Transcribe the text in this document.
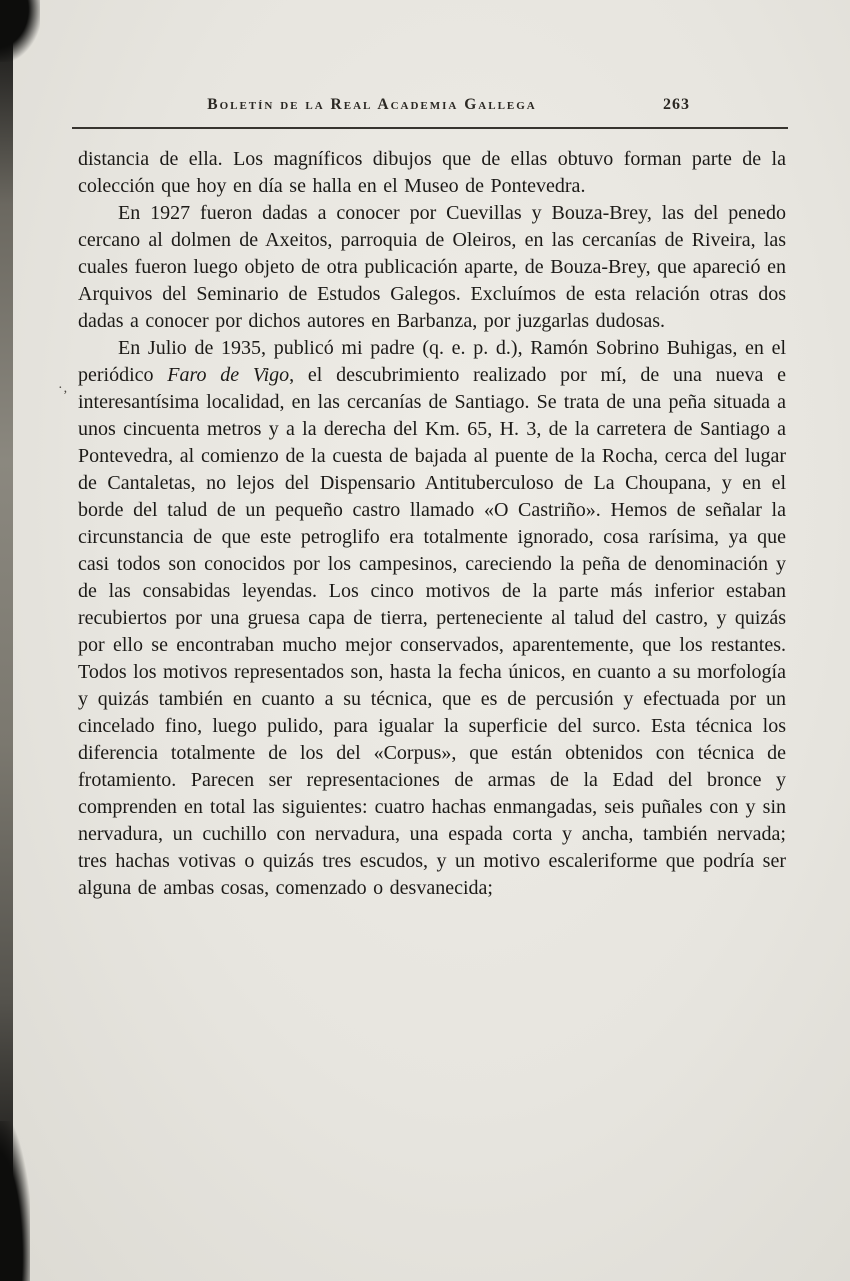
Boletín de la Real Academia Gallega	263
·,

distancia de ella. Los magníficos dibujos que de ellas obtuvo forman parte de la colección que hoy en día se halla en el Museo de Pontevedra.

En 1927 fueron dadas a conocer por Cuevillas y Bouza-Brey, las del penedo cercano al dolmen de Axeitos, parroquia de Oleiros, en las cercanías de Riveira, las cuales fueron luego objeto de otra publicación aparte, de Bouza-Brey, que apareció en Arquivos del Seminario de Estudos Galegos. Excluímos de esta relación otras dos dadas a conocer por dichos autores en Barbanza, por juzgarlas dudosas.

En Julio de 1935, publicó mi padre (q. e. p. d.), Ramón Sobrino Buhigas, en el periódico Faro de Vigo, el descubrimiento realizado por mí, de una nueva e interesantísima localidad, en las cercanías de Santiago. Se trata de una peña situada a unos cincuenta metros y a la derecha del Km. 65, H. 3, de la carretera de Santiago a Pontevedra, al comienzo de la cuesta de bajada al puente de la Rocha, cerca del lugar de Cantaletas, no lejos del Dispensario Antituberculoso de La Choupana, y en el borde del talud de un pequeño castro llamado «O Castriño». Hemos de señalar la circunstancia de que este petroglifo era totalmente ignorado, cosa rarísima, ya que casi todos son conocidos por los campesinos, careciendo la peña de denominación y de las consabidas leyendas. Los cinco motivos de la parte más inferior estaban recubiertos por una gruesa capa de tierra, perteneciente al talud del castro, y quizás por ello se encontraban mucho mejor conservados, aparentemente, que los restantes. Todos los motivos representados son, hasta la fecha únicos, en cuanto a su morfología y quizás también en cuanto a su técnica, que es de percusión y efectuada por un cincelado fino, luego pulido, para igualar la superficie del surco. Esta técnica los diferencia totalmente de los del «Corpus», que están obtenidos con técnica de frotamiento. Parecen ser representaciones de armas de la Edad del bronce y comprenden en total las siguientes: cuatro hachas enmangadas, seis puñales con y sin nervadura, un cuchillo con nervadura, una espada corta y ancha, también nervada; tres hachas votivas o quizás tres escudos, y un motivo escaleriforme que podría ser alguna de ambas cosas, comenzado o desvanecida;
